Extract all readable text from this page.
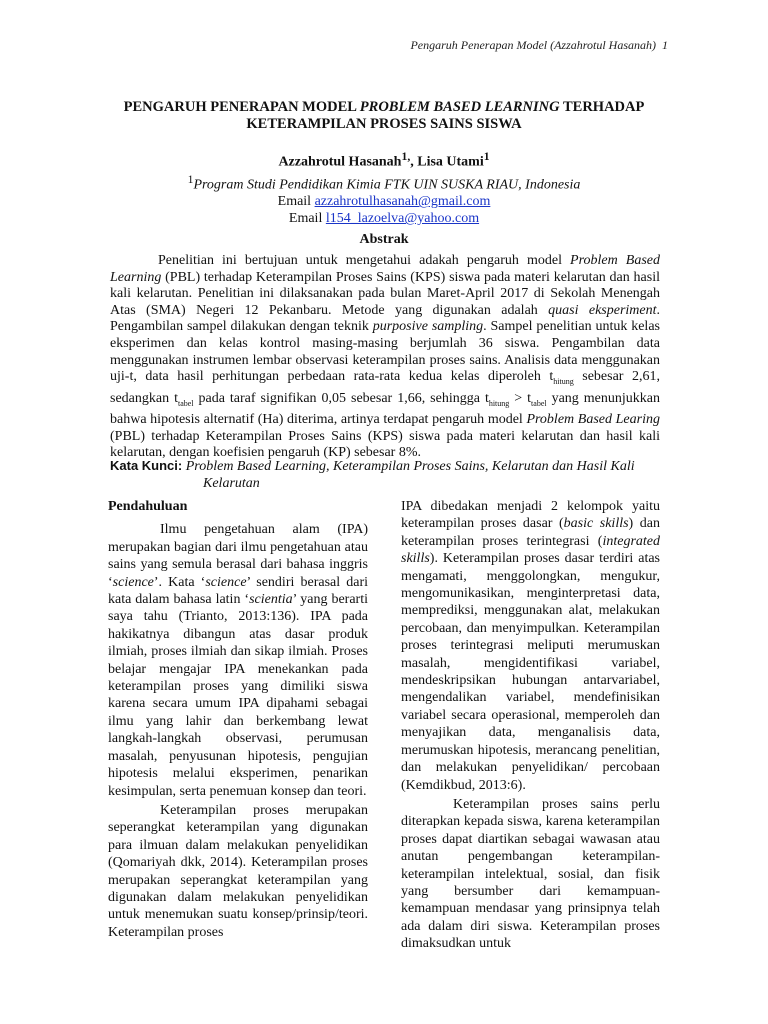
Pengaruh Penerapan Model (Azzahrotul Hasanah) 1
PENGARUH PENERAPAN MODEL PROBLEM BASED LEARNING TERHADAP
KETERAMPILAN PROSES SAINS SISWA
Azzahrotul Hasanah$^{1,}$, Lisa Utami$^1$
$^1$Program Studi Pendidikan Kimia FTK UIN SUSKA RIAU, Indonesia
Email azzahrotulhasanah@gmail.com
Email l154_lazoelva@yahoo.com
Abstrak

Penelitian ini bertujuan untuk mengetahui adakah pengaruh model Problem Based Learning (PBL) terhadap Keterampilan Proses Sains (KPS) siswa pada materi kelarutan dan hasil kali kelarutan. Penelitian ini dilaksanakan pada bulan Maret-April 2017 di Sekolah Menengah Atas (SMA) Negeri 12 Pekanbaru. Metode yang digunakan adalah quasi eksperiment. Pengambilan sampel dilakukan dengan teknik purposive sampling. Sampel penelitian untuk kelas eksperimen dan kelas kontrol masing-masing berjumlah 36 siswa. Pengambilan data menggunakan instrumen lembar observasi keterampilan proses sains. Analisis data menggunakan uji-t, data hasil perhitungan perbedaan rata-rata kedua kelas diperoleh $t_{hitung}$ sebesar 2,61, sedangkan $t_{tabel}$ pada taraf signifikan 0,05 sebesar 1,66, sehingga $t_{hitung} > t_{tabel}$ yang menunjukkan bahwa hipotesis alternatif (Ha) diterima, artinya terdapat pengaruh model Problem Based Learing (PBL) terhadap Keterampilan Proses Sains (KPS) siswa pada materi kelarutan dan hasil kali kelarutan, dengan koefisien pengaruh (KP) sebesar 8%.

Kata Kunci: Problem Based Learning, Keterampilan Proses Sains, Kelarutan dan Hasil Kali
Kelarutan
Pendahuluan

Ilmu pengetahuan alam (IPA) merupakan bagian dari ilmu pengetahuan atau sains yang semula berasal dari bahasa inggris ‘science’. Kata ‘science’ sendiri berasal dari kata dalam bahasa latin ‘scientia’ yang berarti saya tahu (Trianto, 2013:136). IPA pada hakikatnya dibangun atas dasar produk ilmiah, proses ilmiah dan sikap ilmiah. Proses belajar mengajar IPA menekankan pada keterampilan proses yang dimiliki siswa karena secara umum IPA dipahami sebagai ilmu yang lahir dan berkembang lewat langkah-langkah observasi, perumusan masalah, penyusunan hipotesis, pengujian hipotesis melalui eksperimen, penarikan kesimpulan, serta penemuan konsep dan teori.

Keterampilan proses merupakan seperangkat keterampilan yang digunakan para ilmuan dalam melakukan penyelidikan (Qomariyah dkk, 2014). Keterampilan proses merupakan seperangkat keterampilan yang digunakan dalam melakukan penyelidikan untuk menemukan suatu konsep/prinsip/teori. Keterampilan proses

IPA dibedakan menjadi 2 kelompok yaitu keterampilan proses dasar (basic skills) dan keterampilan proses terintegrasi (integrated skills). Keterampilan proses dasar terdiri atas mengamati, menggolongkan, mengukur, mengomunikasikan, menginterpretasi data, memprediksi, menggunakan alat, melakukan percobaan, dan menyimpulkan. Keterampilan proses terintegrasi meliputi merumuskan masalah, mengidentifikasi variabel, mendeskripsikan hubungan antarvariabel, mengendalikan variabel, mendefinisikan variabel secara operasional, memperoleh dan menyajikan data, menganalisis data, merumuskan hipotesis, merancang penelitian, dan melakukan penyelidikan/ percobaan (Kemdikbud, 2013:6).

Keterampilan proses sains perlu diterapkan kepada siswa, karena keterampilan proses dapat diartikan sebagai wawasan atau anutan pengembangan keterampilan-keterampilan intelektual, sosial, dan fisik yang bersumber dari kemampuan-kemampuan mendasar yang prinsipnya telah ada dalam diri siswa. Keterampilan proses dimaksudkan untuk
